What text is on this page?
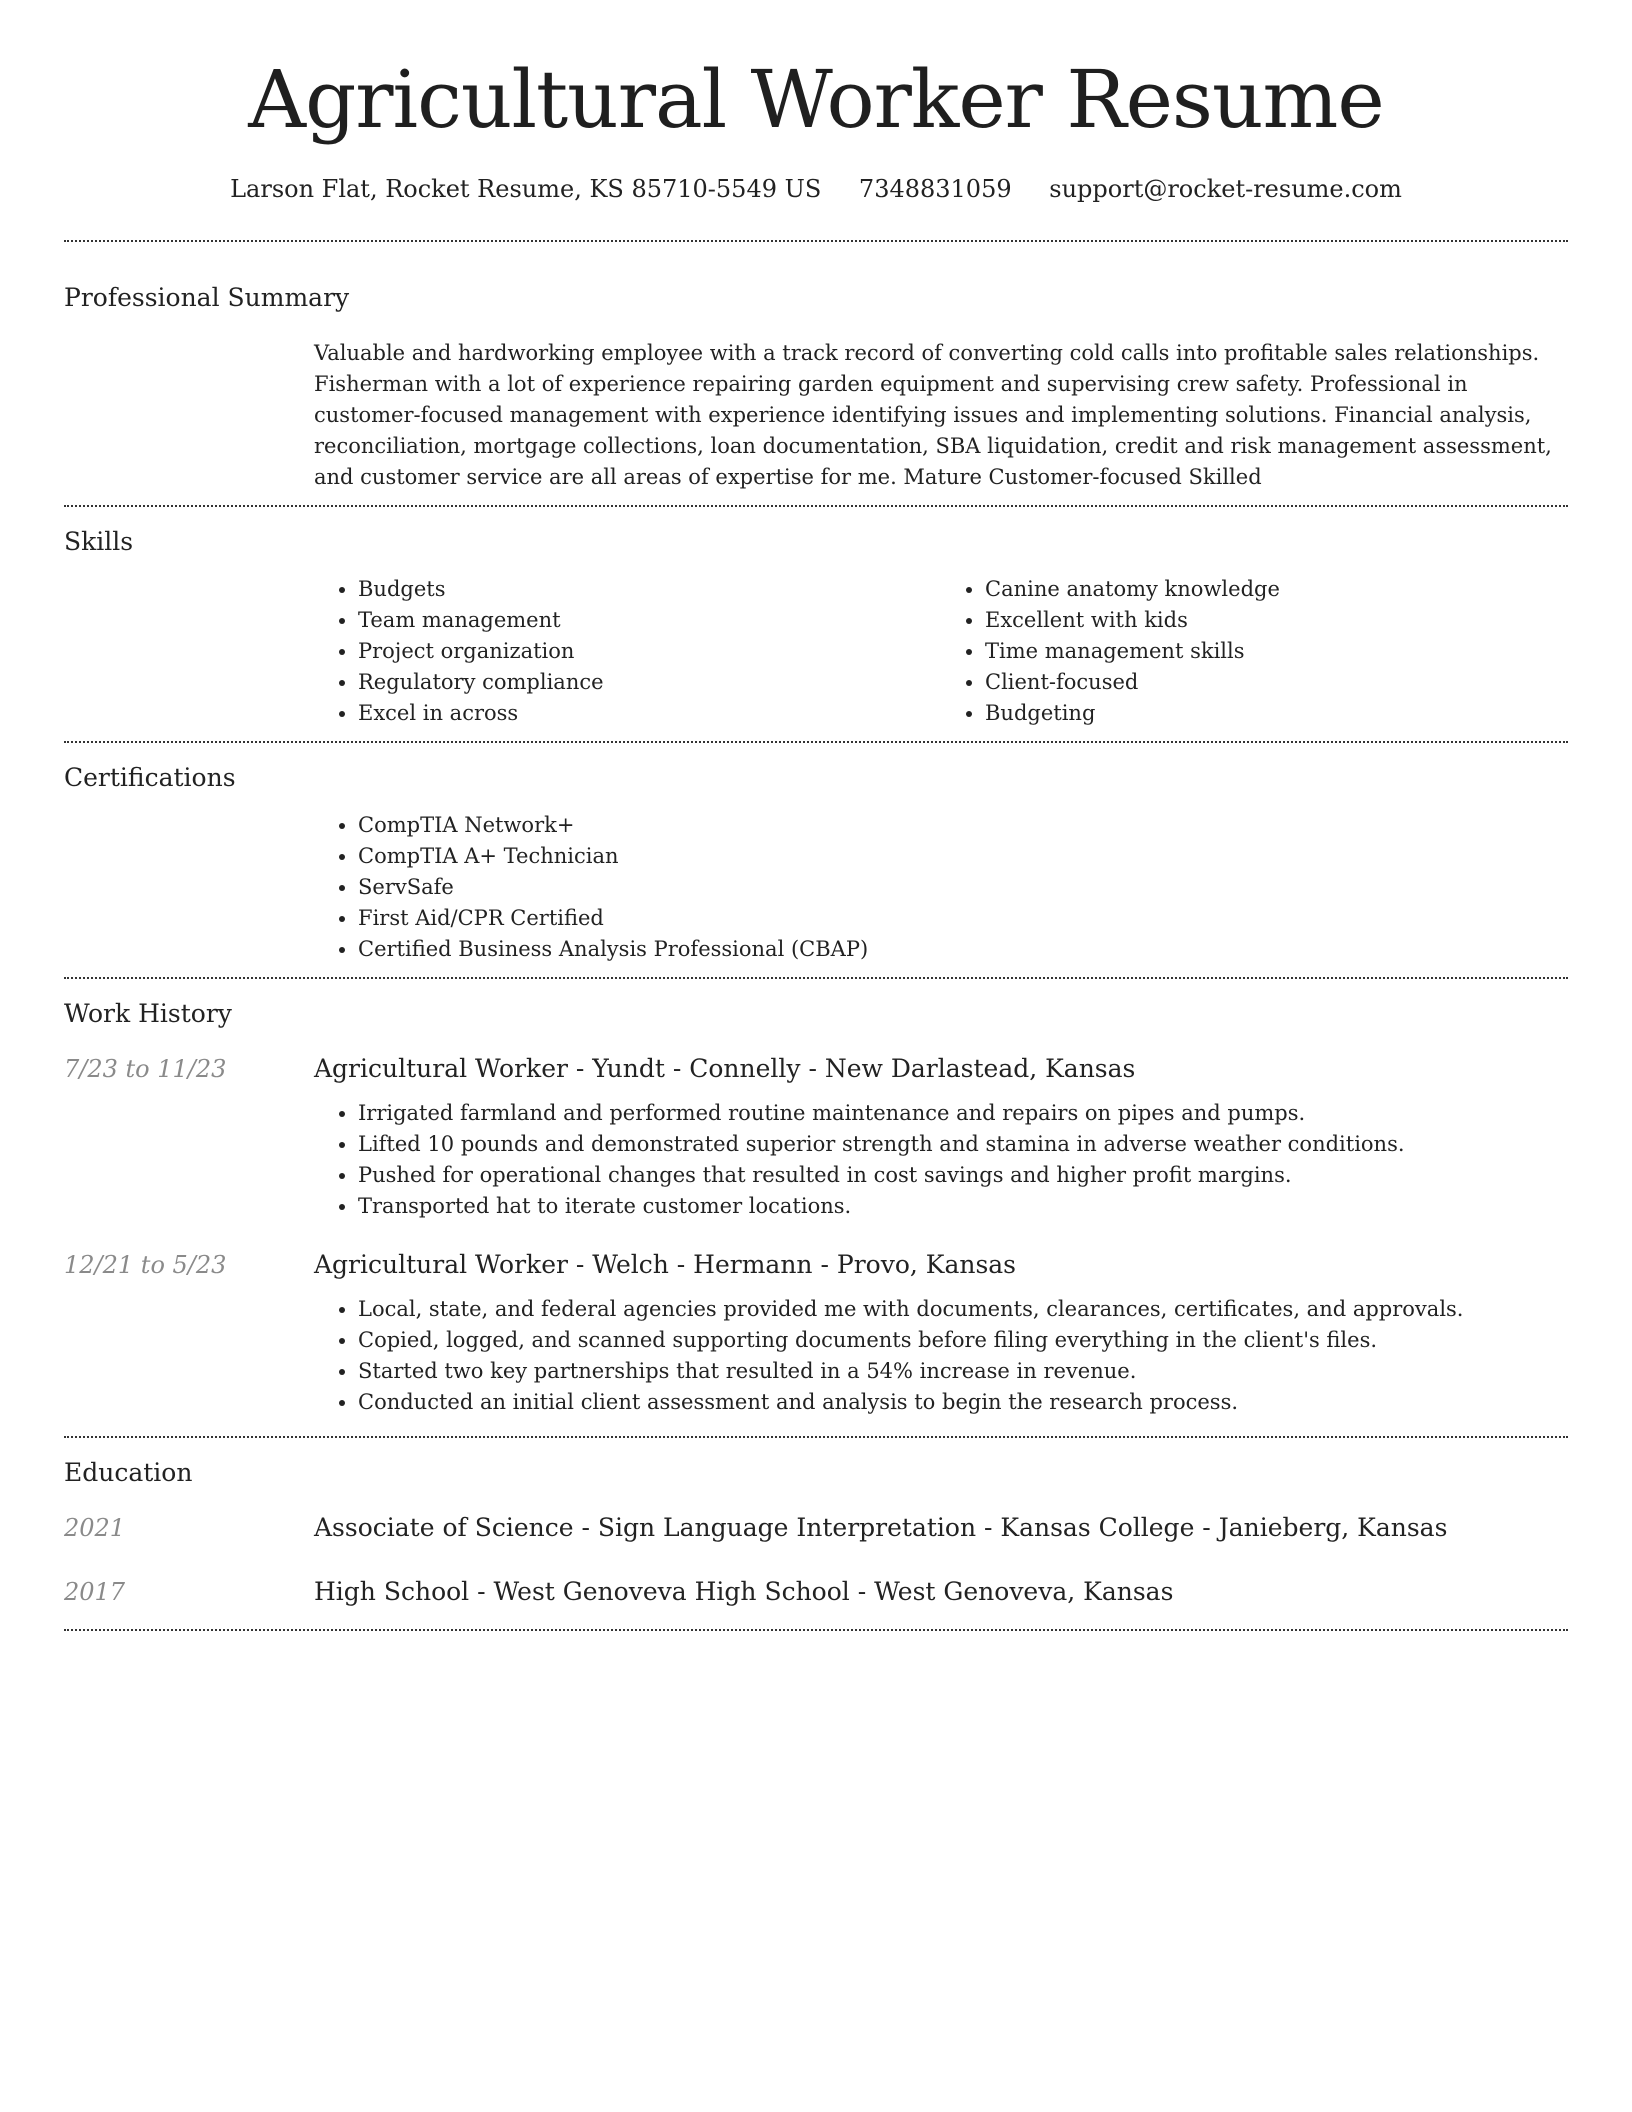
Agricultural Worker Resume
Larson Flat, Rocket Resume, KS 85710-5549 US 7348831059 support@rocket-resume.com
Professional Summary

Valuable and hardworking employee with a track record of converting cold calls into profitable sales relationships. Fisherman with a lot of experience repairing garden equipment and supervising crew safety. Professional in customer-focused management with experience identifying issues and implementing solutions. Financial analysis, reconciliation, mortgage collections, loan documentation, SBA liquidation, credit and risk management assessment, and customer service are all areas of expertise for me. Mature Customer-focused Skilled

Skills
• Budgets
• Team management
• Project organization
• Regulatory compliance
• Excel in across
• Canine anatomy knowledge
• Excellent with kids
• Time management skills
• Client-focused
• Budgeting
Certifications
• CompTIA Network+
• CompTIA A+ Technician
• ServSafe
• First Aid/CPR Certified
• Certified Business Analysis Professional (CBAP)
Work History
7/23 to 11/23	Agricultural Worker - Yundt - Connelly - New Darlastead, Kansas
• Irrigated farmland and performed routine maintenance and repairs on pipes and pumps.
• Lifted 10 pounds and demonstrated superior strength and stamina in adverse weather conditions.
• Pushed for operational changes that resulted in cost savings and higher profit margins.
• Transported hat to iterate customer locations.
12/21 to 5/23	Agricultural Worker - Welch - Hermann - Provo, Kansas
• Local, state, and federal agencies provided me with documents, clearances, certificates, and approvals.
• Copied, logged, and scanned supporting documents before filing everything in the client's files.
• Started two key partnerships that resulted in a 54% increase in revenue.
• Conducted an initial client assessment and analysis to begin the research process.
Education
2021	Associate of Science - Sign Language Interpretation - Kansas College - Janieberg, Kansas
2017	High School - West Genoveva High School - West Genoveva, Kansas
